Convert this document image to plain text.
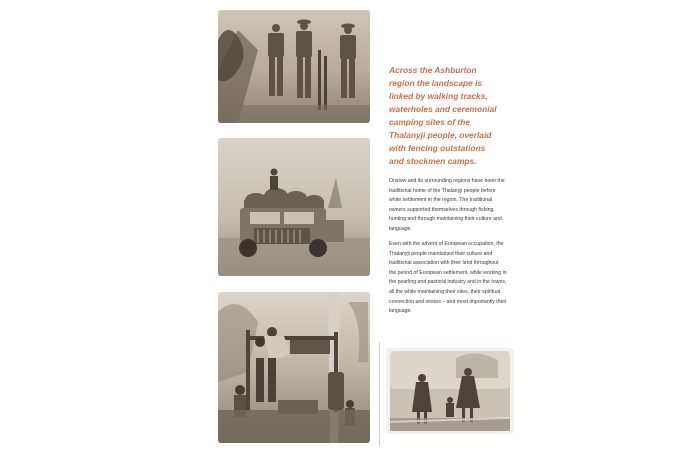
Across the Ashburton region the landscape is linked by walking tracks, waterholes and ceremonial camping sites of the Thalanyji people, overlaid with fencing outstations and stockmen camps.

Onslow and its surrounding regions have been the traditional home of the Thalanyji people before white settlement in the region. The traditional owners supported themselves through fishing, hunting and through maintaining their culture and language.

Even with the advent of European occupation, the Thalanyji people maintained their culture and traditional association with their land throughout the period of European settlement, while working in the pearling and pastoral industry and in the towns, all the while maintaining their sites, their spiritual connection and stories – and most importantly their language.
